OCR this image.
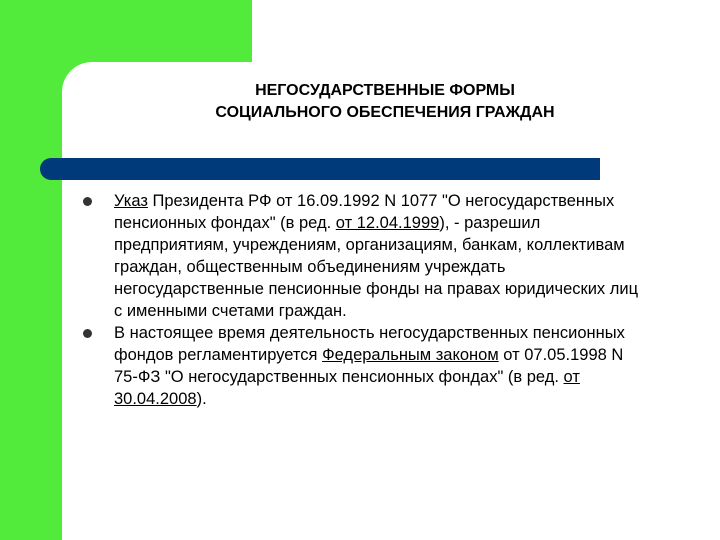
НЕГОСУДАРСТВЕННЫЕ ФОРМЫ
СОЦИАЛЬНОГО ОБЕСПЕЧЕНИЯ ГРАЖДАН
Указ Президента РФ от 16.09.1992 N 1077 "О негосударственных пенсионных фондах" (в ред. от 12.04.1999), - разрешил предприятиям, учреждениям, организациям, банкам, коллективам граждан, общественным объединениям учреждать негосударственные пенсионные фонды на правах юридических лиц с именными счетами граждан.
В настоящее время деятельность негосударственных пенсионных фондов регламентируется Федеральным законом от 07.05.1998 N 75-ФЗ "О негосударственных пенсионных фондах" (в ред. от 30.04.2008).
